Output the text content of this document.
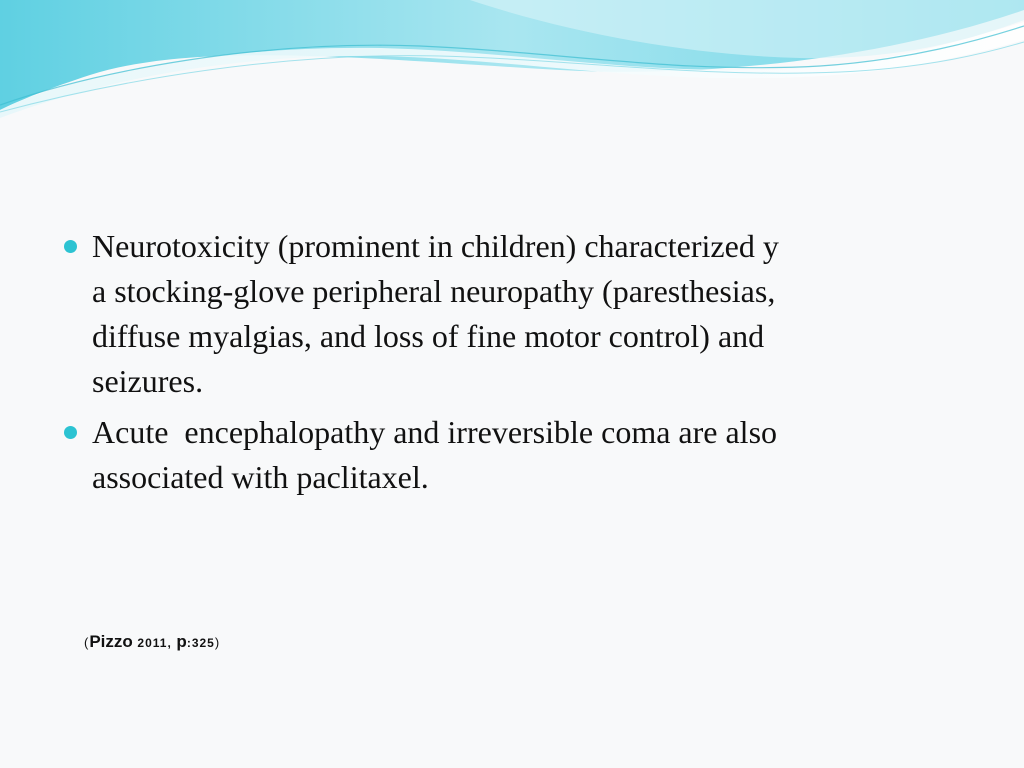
Neurotoxicity (prominent in children) characterized y
a stocking-glove peripheral neuropathy (paresthesias,
diffuse myalgias, and loss of fine motor control) and
seizures.
Acute  encephalopathy and irreversible coma are also
associated with paclitaxel.
(Pizzo 2011, p:325)
